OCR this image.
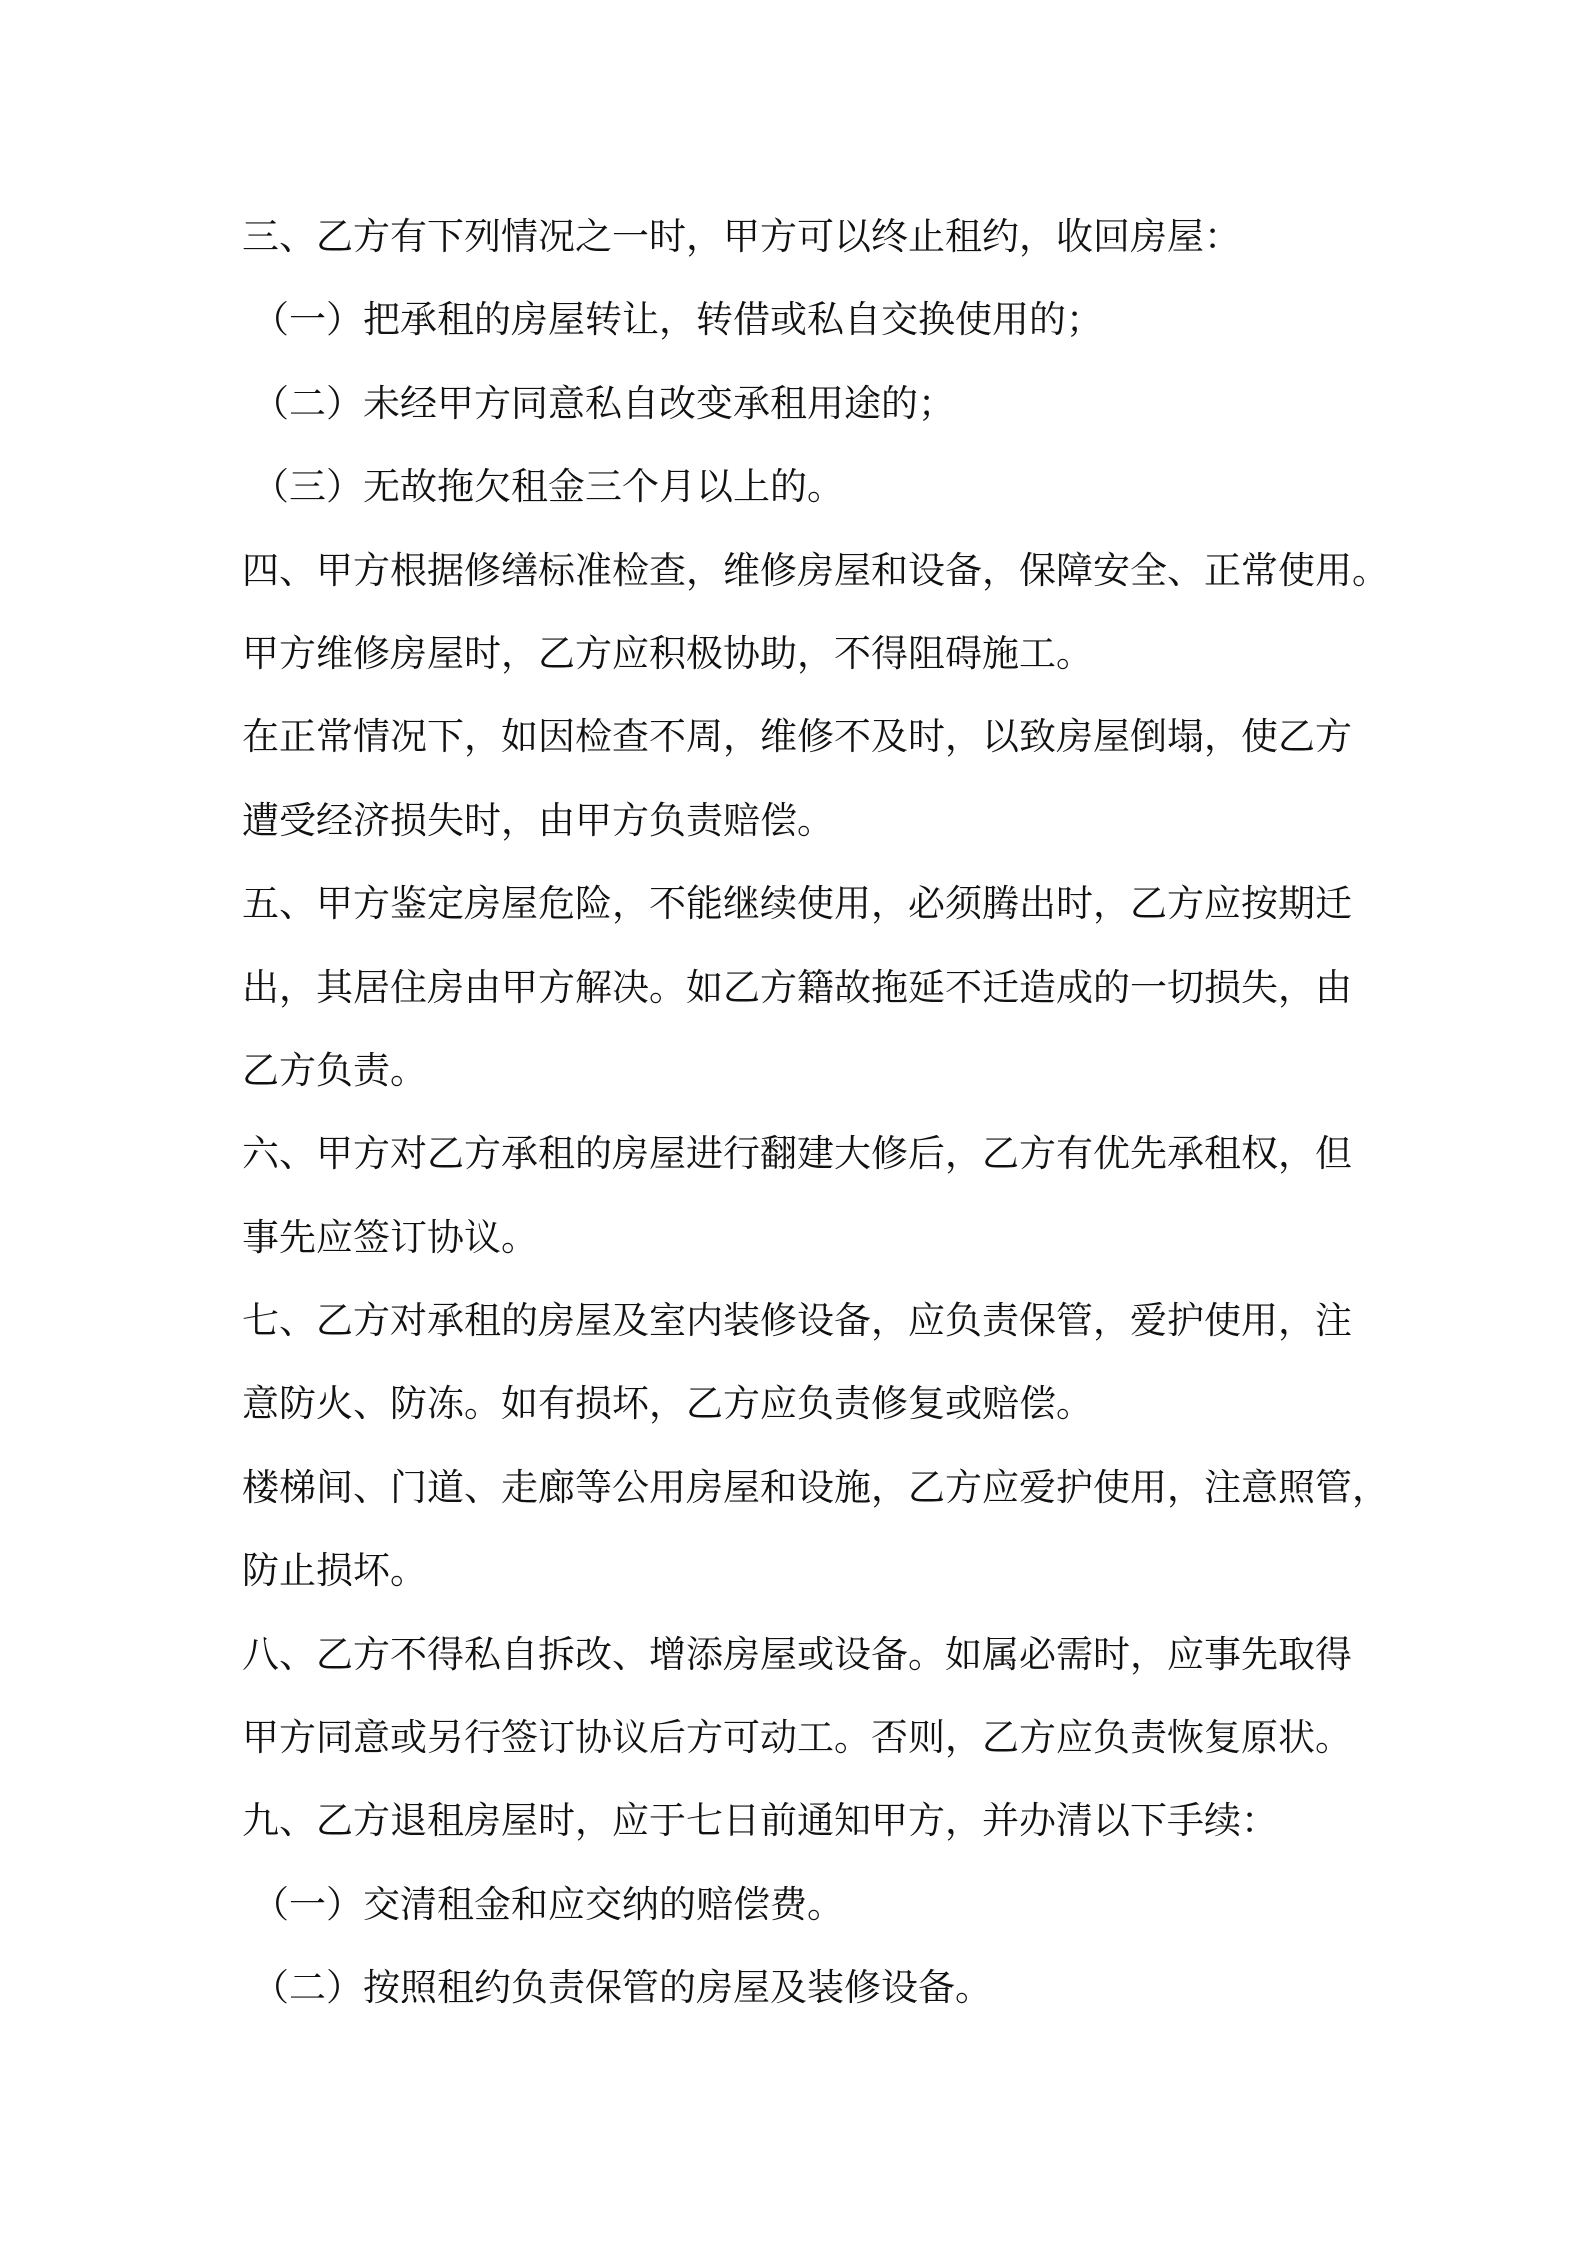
三、乙方有下列情况之一时，甲方可以终止租约，收回房屋：
（一）把承租的房屋转让，转借或私自交换使用的；
（二）未经甲方同意私自改变承租用途的；
（三）无故拖欠租金三个月以上的。
四、甲方根据修缮标准检查，维修房屋和设备，保障安全、正常使用。
甲方维修房屋时，乙方应积极协助，不得阻碍施工。
在正常情况下，如因检查不周，维修不及时，以致房屋倒塌，使乙方
遭受经济损失时，由甲方负责赔偿。
五、甲方鉴定房屋危险，不能继续使用，必须腾出时，乙方应按期迁
出，其居住房由甲方解决。如乙方籍故拖延不迁造成的一切损失，由
乙方负责。
六、甲方对乙方承租的房屋进行翻建大修后，乙方有优先承租权，但
事先应签订协议。
七、乙方对承租的房屋及室内装修设备，应负责保管，爱护使用，注
意防火、防冻。如有损坏，乙方应负责修复或赔偿。
楼梯间、门道、走廊等公用房屋和设施，乙方应爱护使用，注意照管，
防止损坏。
八、乙方不得私自拆改、增添房屋或设备。如属必需时，应事先取得
甲方同意或另行签订协议后方可动工。否则，乙方应负责恢复原状。
九、乙方退租房屋时，应于七日前通知甲方，并办清以下手续：
（一）交清租金和应交纳的赔偿费。
（二）按照租约负责保管的房屋及装修设备。
